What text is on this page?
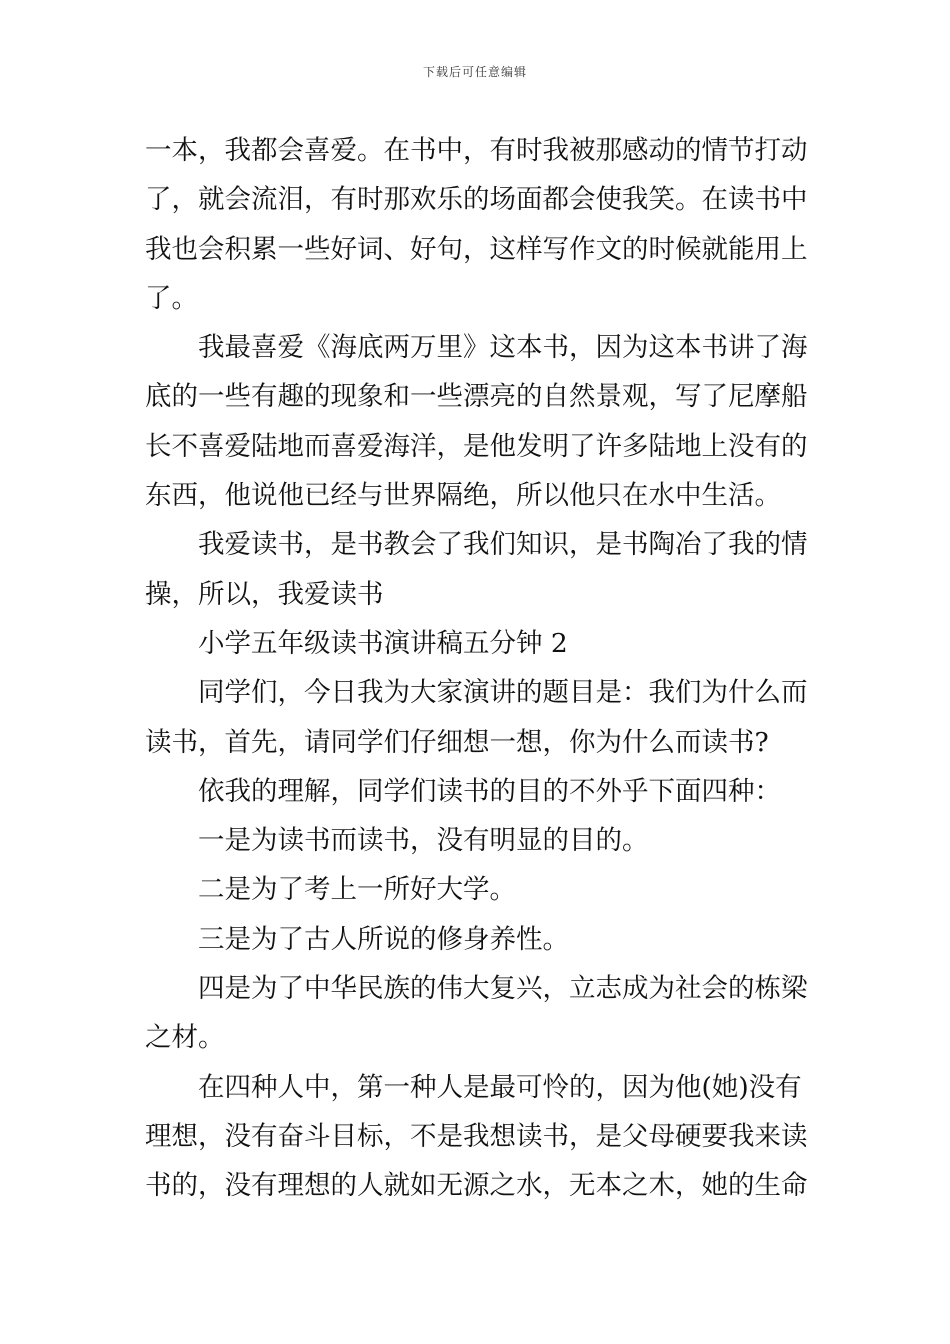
下载后可任意编辑
一本，我都会喜爱。在书中，有时我被那感动的情节打动
了，就会流泪，有时那欢乐的场面都会使我笑。在读书中
我也会积累一些好词、好句，这样写作文的时候就能用上
了。
我最喜爱《海底两万里》这本书，因为这本书讲了海
底的一些有趣的现象和一些漂亮的自然景观，写了尼摩船
长不喜爱陆地而喜爱海洋，是他发明了许多陆地上没有的
东西，他说他已经与世界隔绝，所以他只在水中生活。
我爱读书，是书教会了我们知识，是书陶冶了我的情
操，所以，我爱读书
小学五年级读书演讲稿五分钟 2
同学们，今日我为大家演讲的题目是：我们为什么而
读书，首先，请同学们仔细想一想，你为什么而读书?
依我的理解，同学们读书的目的不外乎下面四种：
一是为读书而读书，没有明显的目的。
二是为了考上一所好大学。
三是为了古人所说的修身养性。
四是为了中华民族的伟大复兴，立志成为社会的栋梁
之材。
在四种人中，第一种人是最可怜的，因为他(她)没有
理想，没有奋斗目标，不是我想读书，是父母硬要我来读
书的，没有理想的人就如无源之水，无本之木，她的生命
